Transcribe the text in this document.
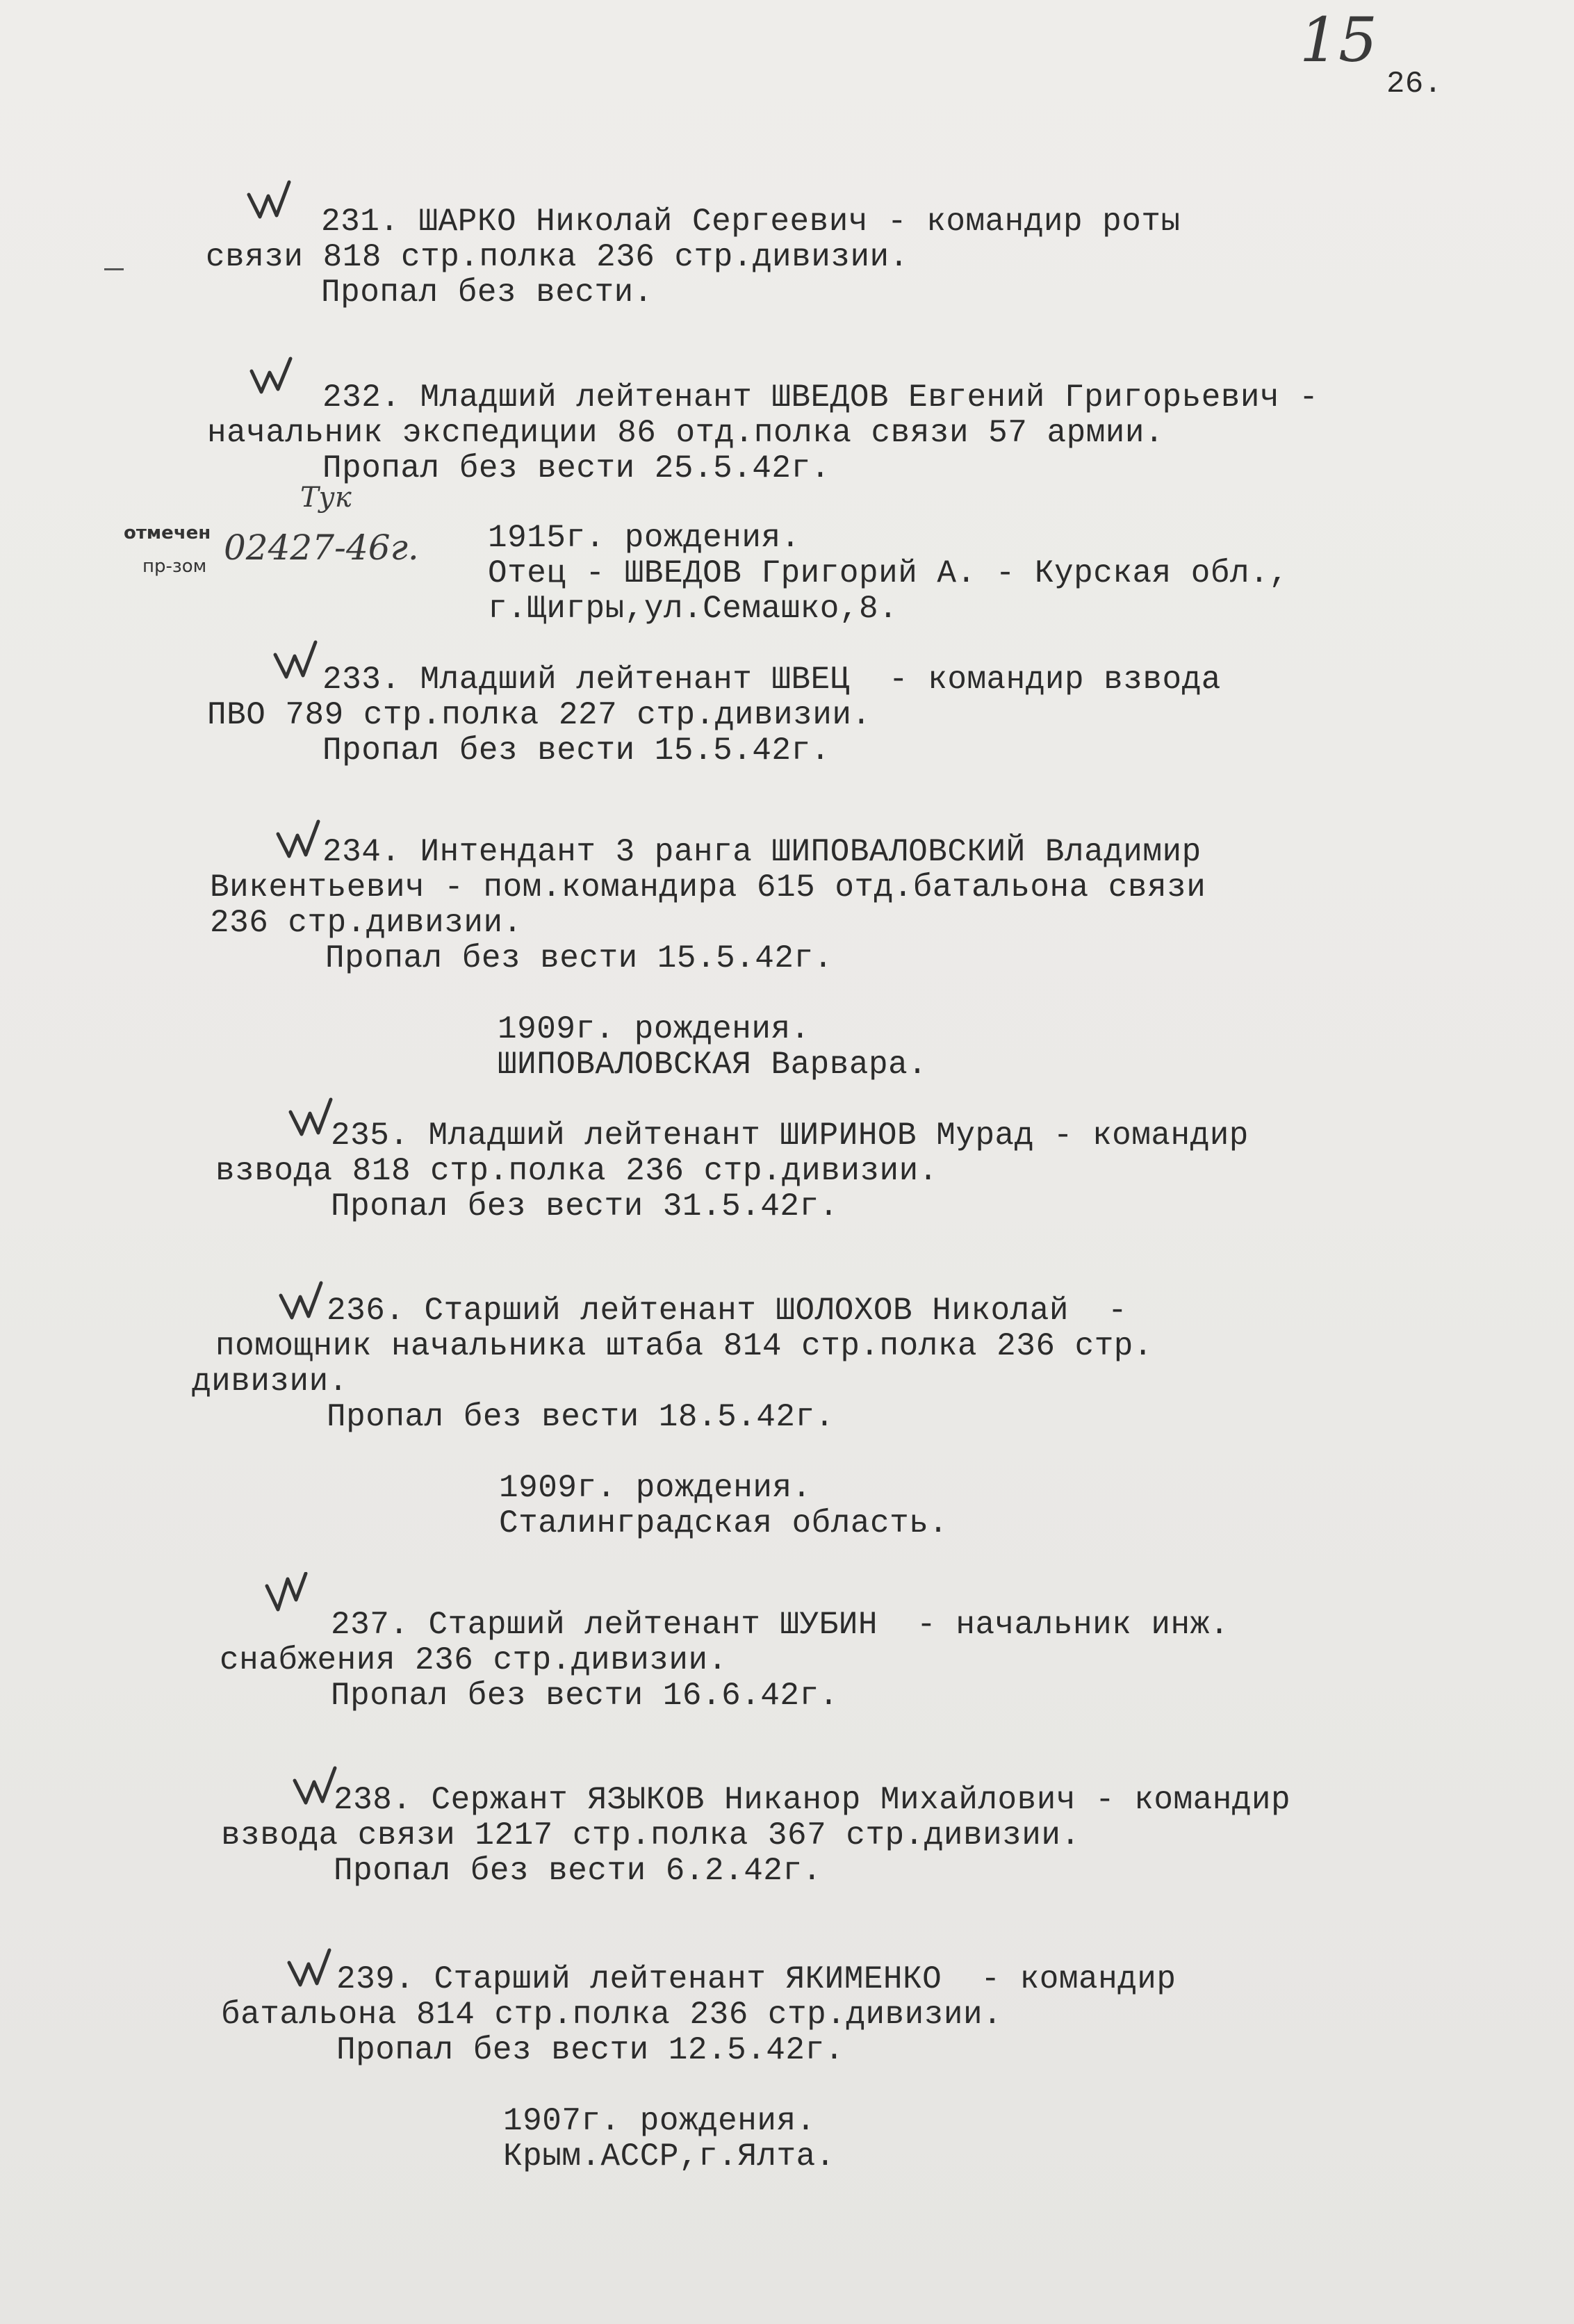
15
26.
231. ШАРКО Николай Сергеевич - командир роты
связи 818 стр.полка 236 стр.дивизии.
Пропал без вести.
232. Младший лейтенант ШВЕДОВ Евгений Григорьевич -
начальник экспедиции 86 отд.полка связи 57 армии.
Пропал без вести 25.5.42г.
отмечен
пр-зом
Тук
02427-46г. 1915г. рождения.
Отец - ШВЕДОВ Григорий А. - Курская обл.,
г.Щигры,ул.Семашко,8.
233. Младший лейтенант ШВЕЦ  - командир взвода
ПВО 789 стр.полка 227 стр.дивизии.
Пропал без вести 15.5.42г.
234. Интендант 3 ранга ШИПОВАЛОВСКИЙ Владимир
Викентьевич - пом.командира 615 отд.батальона связи
236 стр.дивизии.
Пропал без вести 15.5.42г.
1909г. рождения.
ШИПОВАЛОВСКАЯ Варвара.
235. Младший лейтенант ШИРИНОВ Мурад - командир
взвода 818 стр.полка 236 стр.дивизии.
Пропал без вести 31.5.42г.
236. Старший лейтенант ШОЛОХОВ Николай  -
помощник начальника штаба 814 стр.полка 236 стр.
дивизии.
Пропал без вести 18.5.42г.
1909г. рождения.
Сталинградская область.
237. Старший лейтенант ШУБИН  - начальник инж.
снабжения 236 стр.дивизии.
Пропал без вести 16.6.42г.
238. Сержант ЯЗЫКОВ Никанор Михайлович - командир
взвода связи 1217 стр.полка 367 стр.дивизии.
Пропал без вести 6.2.42г.
239. Старший лейтенант ЯКИМЕНКО  - командир
батальона 814 стр.полка 236 стр.дивизии.
Пропал без вести 12.5.42г.
1907г. рождения.
Крым.АССР,г.Ялта.
